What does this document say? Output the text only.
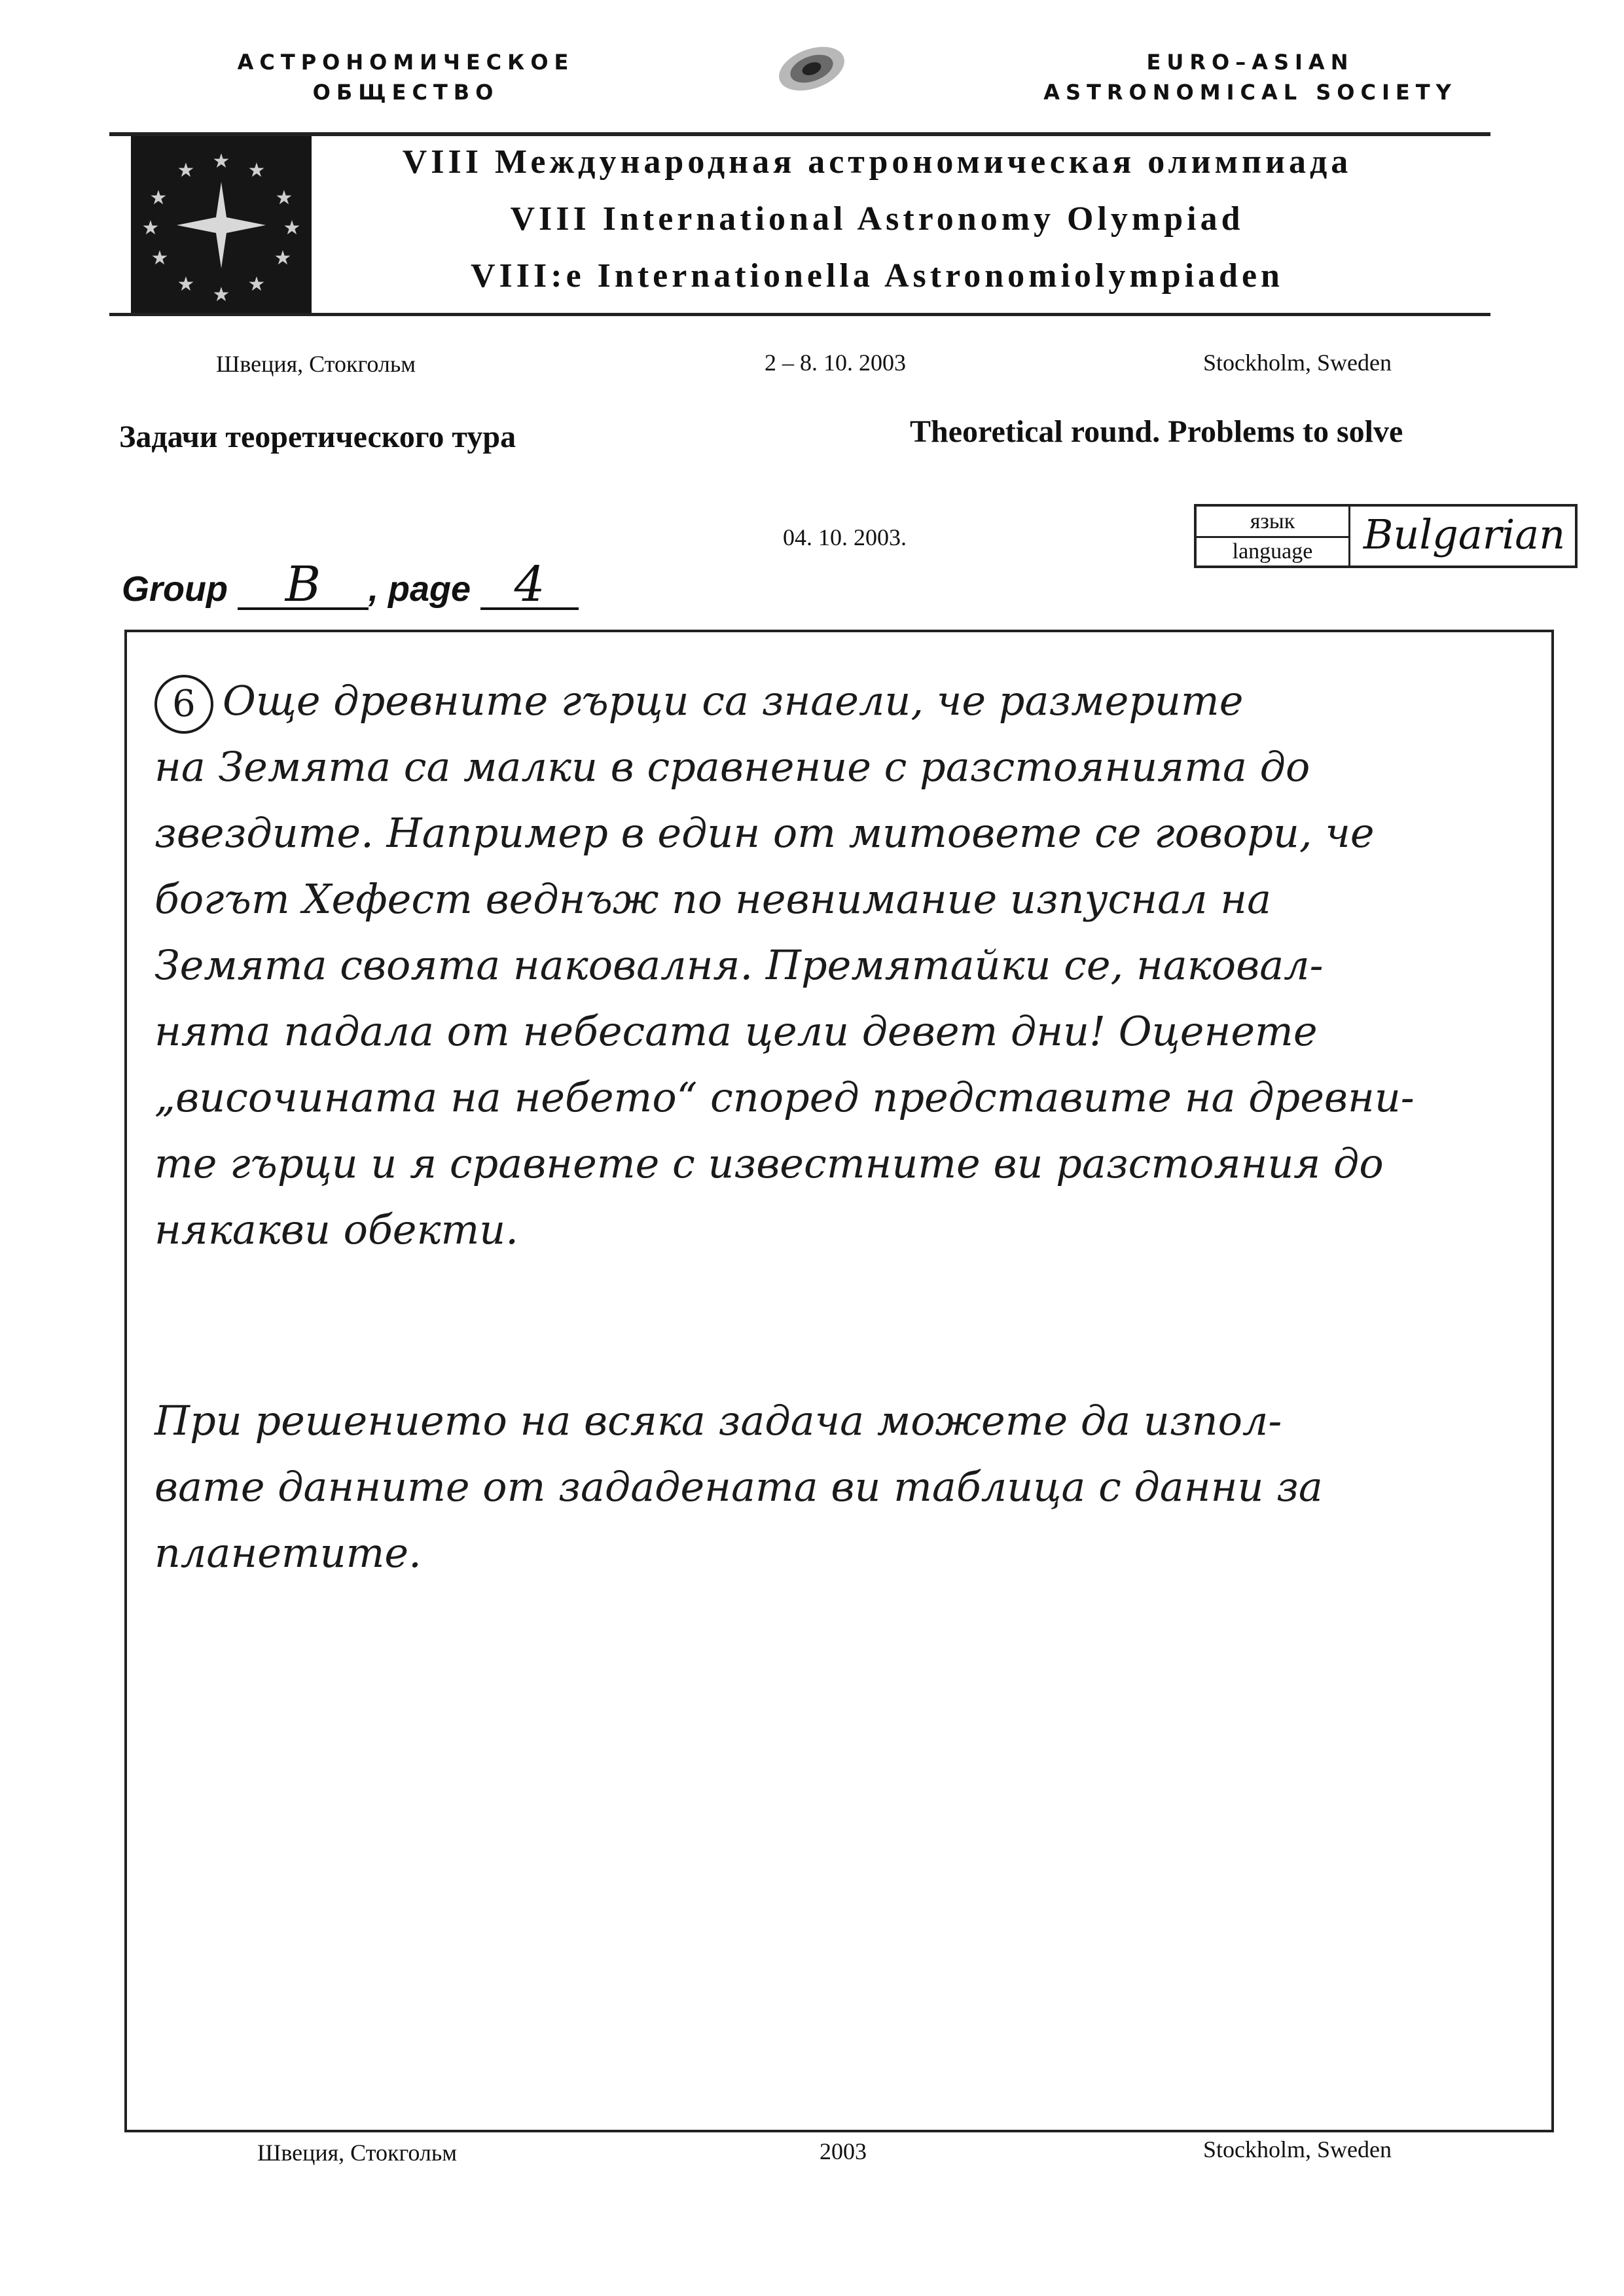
АСТРОНОМИЧЕСКОЕ
ОБЩЕСТВО
EURO–ASIAN
ASTRONOMICAL SOCIETY
★ ★
★
★
★
★
★
★
★
★
★
★	VIII Международная астрономическая олимпиада
VIII International Astronomy Olympiad
VIII:e Internationella Astronomiolympiaden
Швеция, Стокгольм	2 – 8. 10. 2003	Stockholm, Sweden
Задачи теоретического тура	Theoretical round. Problems to solve
04. 10. 2003.
язык
language	Bulgarian
Group B , page 4
6 Още древните гърци са знаели, че размерите
на Земята са малки в сравнение с разстоянията до
звездите. Например в един от митовете се говори, че
богът Хефест веднъж по невнимание изпуснал на
Земята своята наковалня. Премятайки се, наковал-
нята падала от небесата цели девет дни! Оценете
„височината на небето“ според представите на древни-
те гърци и я сравнете с известните ви разстояния до
някакви обекти.
При решението на всяка задача можете да изпол-
вате данните от зададената ви таблица с данни за
планетите.
Швеция, Стокгольм	2003	Stockholm, Sweden
